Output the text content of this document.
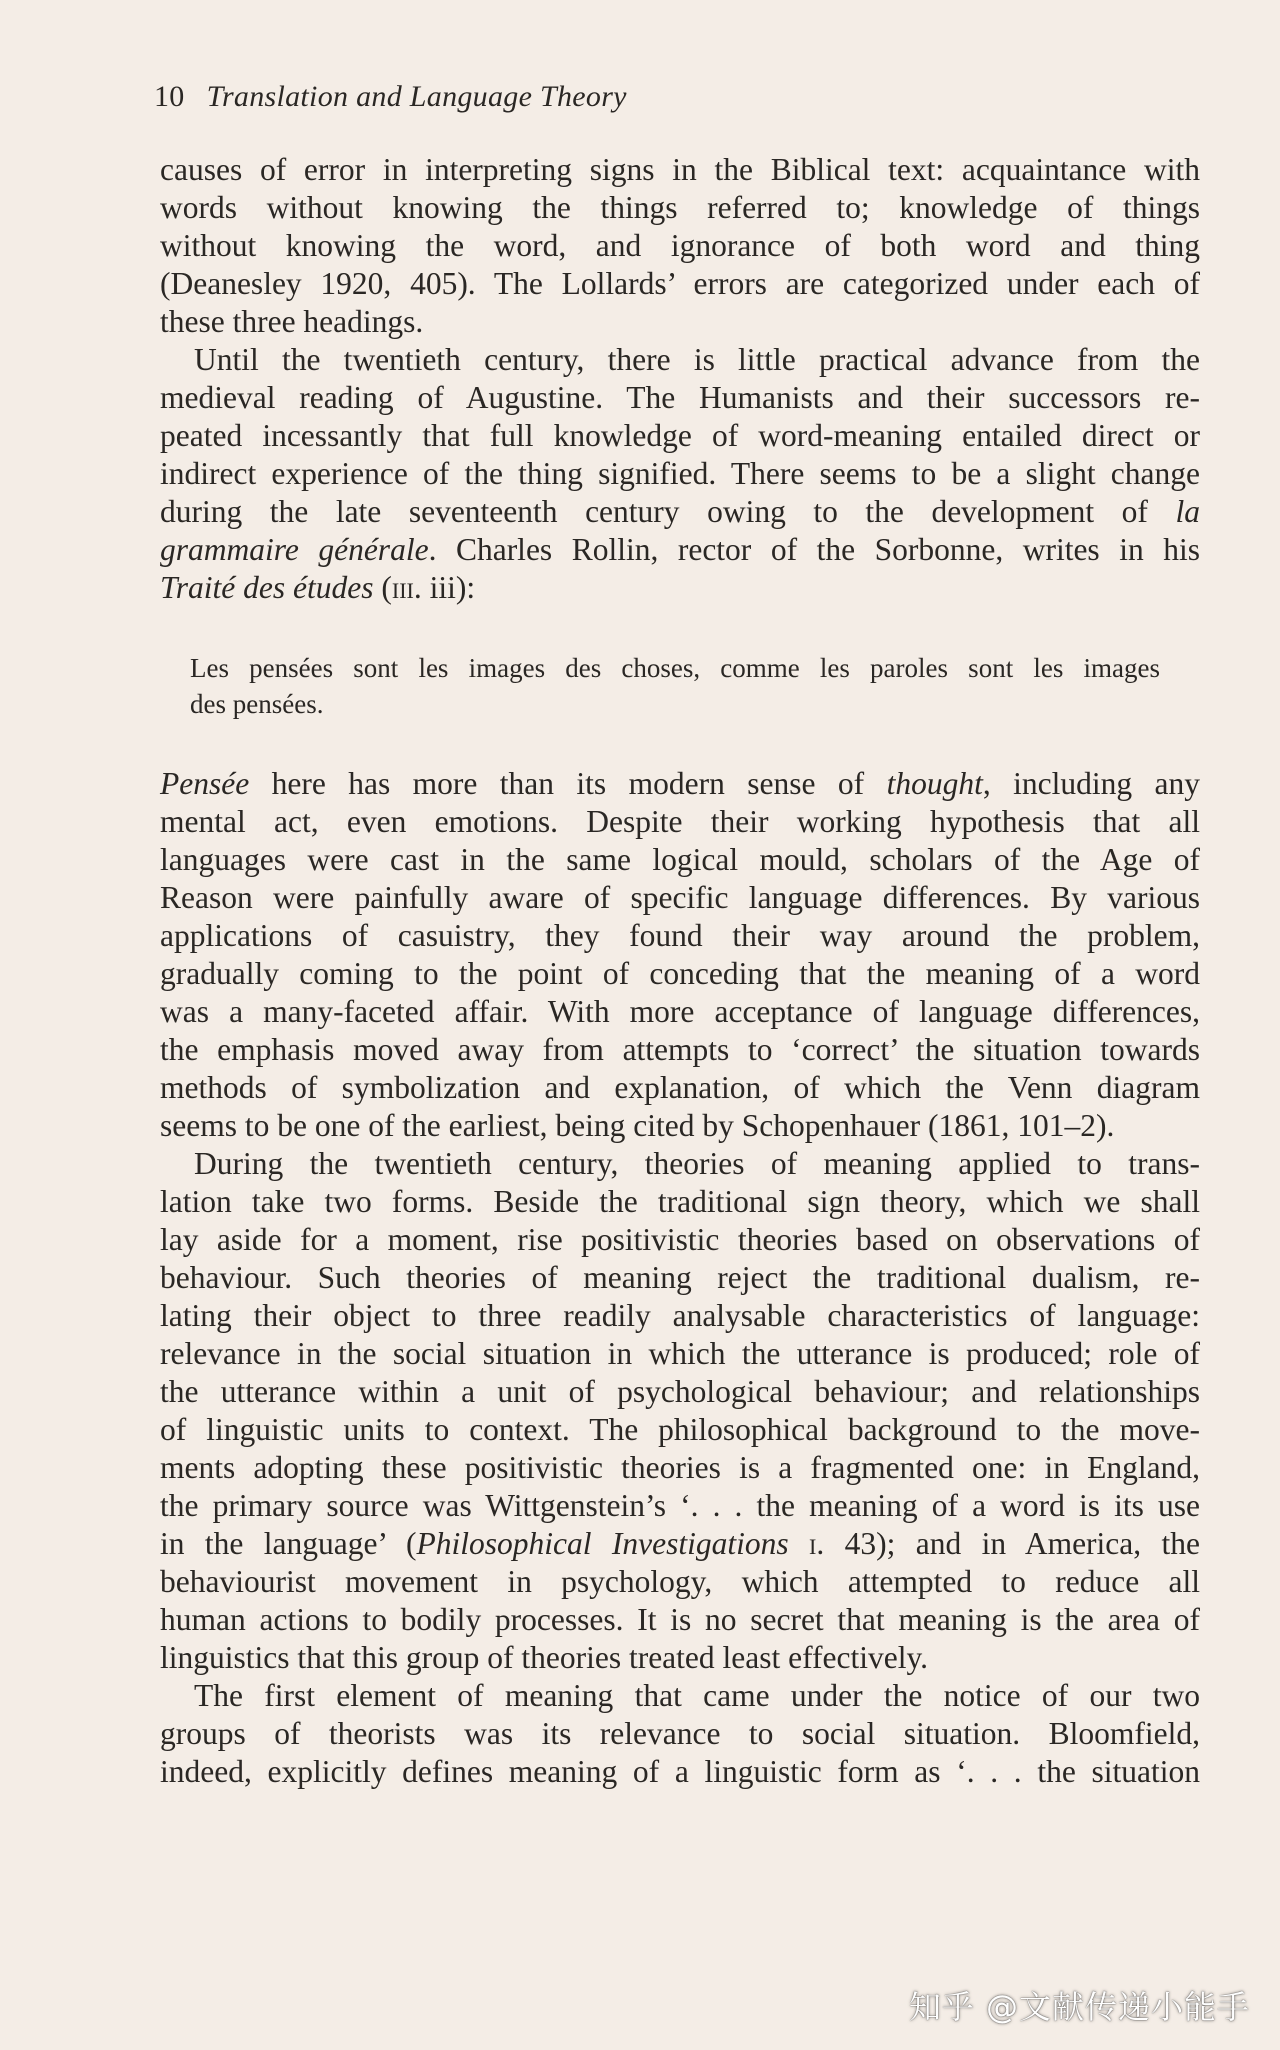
10 Translation and Language Theory
causes of error in interpreting signs in the Biblical text: acquaintance with
words without knowing the things referred to; knowledge of things
without knowing the word, and ignorance of both word and thing
(Deanesley 1920, 405). The Lollards’ errors are categorized under each of
these three headings.
Until the twentieth century, there is little practical advance from the
medieval reading of Augustine. The Humanists and their successors re-
peated incessantly that full knowledge of word-meaning entailed direct or
indirect experience of the thing signified. There seems to be a slight change
during the late seventeenth century owing to the development of la
grammaire générale. Charles Rollin, rector of the Sorbonne, writes in his
Traité des études (iii. iii):
Pensée here has more than its modern sense of thought, including any
mental act, even emotions. Despite their working hypothesis that all
languages were cast in the same logical mould, scholars of the Age of
Reason were painfully aware of specific language differences. By various
applications of casuistry, they found their way around the problem,
gradually coming to the point of conceding that the meaning of a word
was a many-faceted affair. With more acceptance of language differences,
the emphasis moved away from attempts to ‘correct’ the situation towards
methods of symbolization and explanation, of which the Venn diagram
seems to be one of the earliest, being cited by Schopenhauer (1861, 101–2).
During the twentieth century, theories of meaning applied to trans-
lation take two forms. Beside the traditional sign theory, which we shall
lay aside for a moment, rise positivistic theories based on observations of
behaviour. Such theories of meaning reject the traditional dualism, re-
lating their object to three readily analysable characteristics of language:
relevance in the social situation in which the utterance is produced; role of
the utterance within a unit of psychological behaviour; and relationships
of linguistic units to context. The philosophical background to the move-
ments adopting these positivistic theories is a fragmented one: in England,
the primary source was Wittgenstein’s ‘. . . the meaning of a word is its use
in the language’ (Philosophical Investigations i. 43); and in America, the
behaviourist movement in psychology, which attempted to reduce all
human actions to bodily processes. It is no secret that meaning is the area of
linguistics that this group of theories treated least effectively.
The first element of meaning that came under the notice of our two
groups of theorists was its relevance to social situation. Bloomfield,
indeed, explicitly defines meaning of a linguistic form as ‘. . . the situation
Les pensées sont les images des choses, comme les paroles sont les images
des pensées.
知乎 @文献传递小能手
